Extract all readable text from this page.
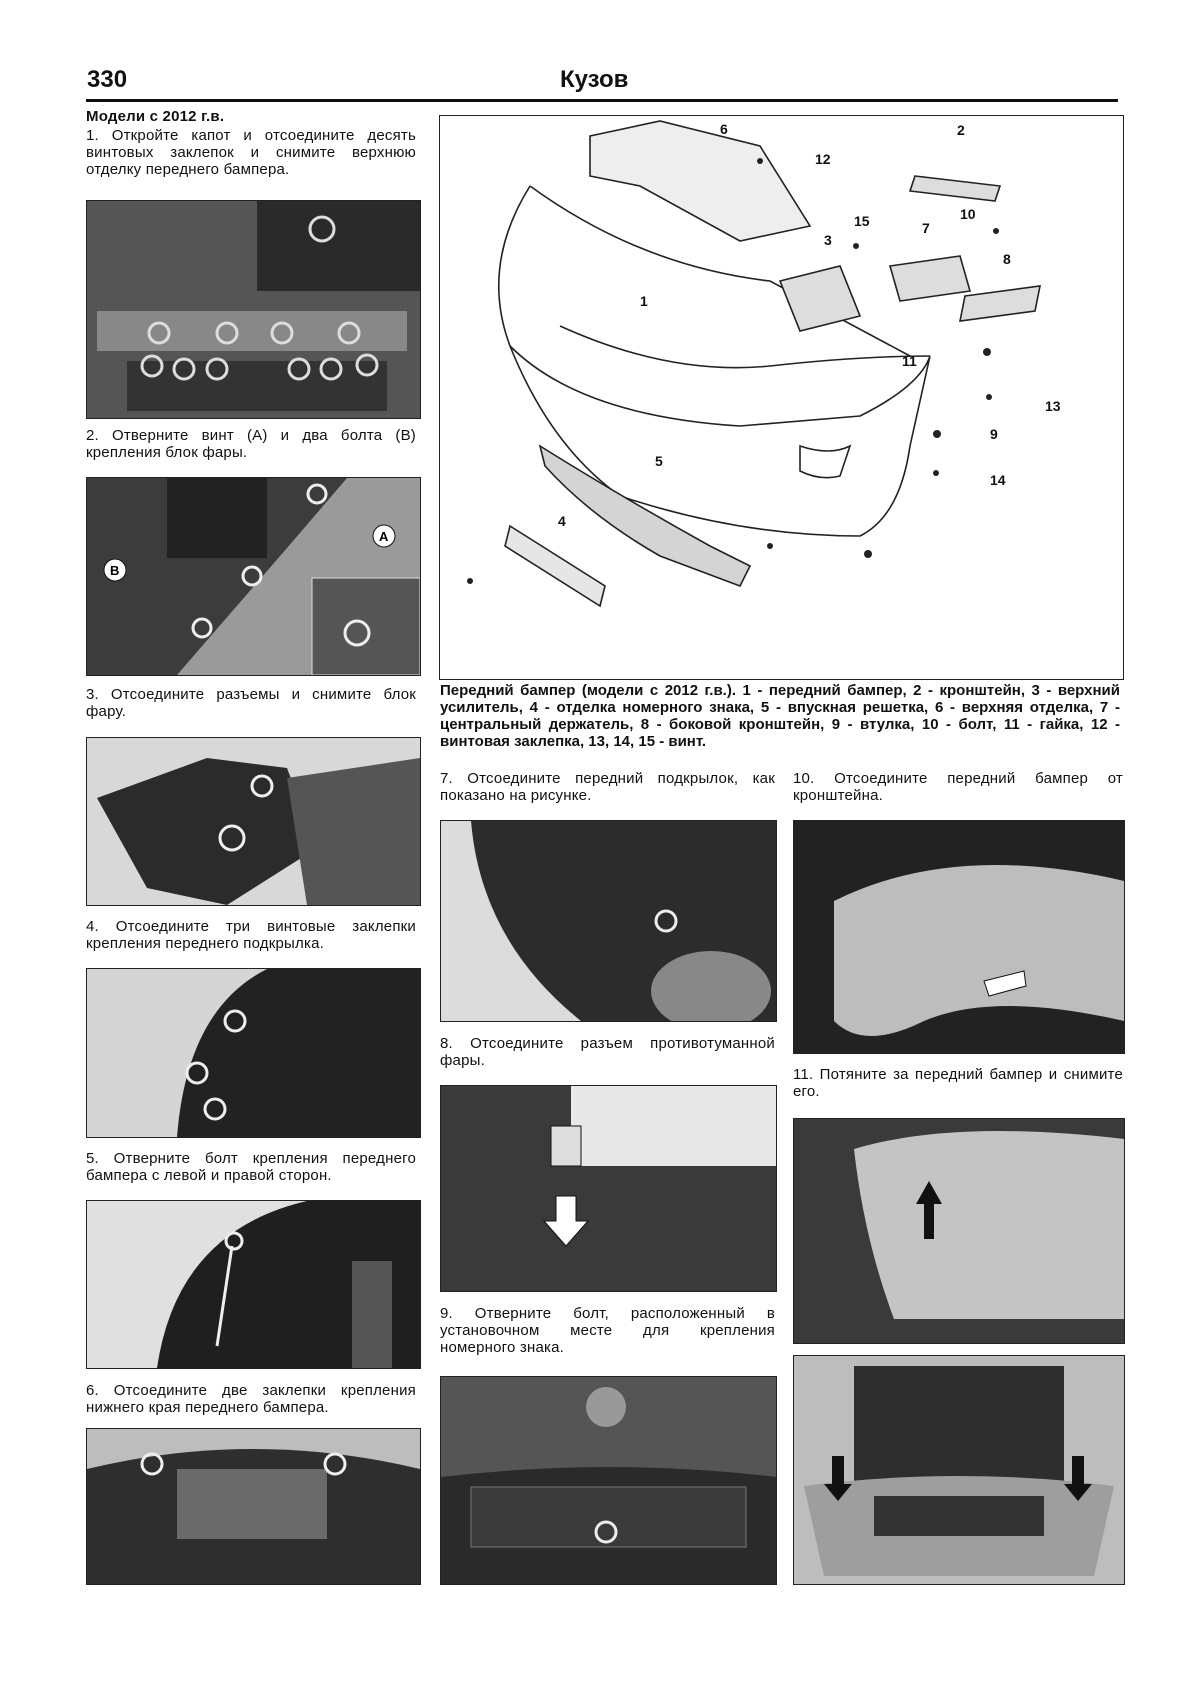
330	Кузов
Модели с 2012 г.в.
1. Откройте капот и отсоедините десять винтовых заклепок и снимите верхнюю отделку переднего бампера.
2. Отверните винт (A) и два болта (B) крепления блок фары.
A
B
3. Отсоедините разъемы и снимите блок фару.
4. Отсоедините три винтовые заклепки крепления переднего подкрылка.
5. Отверните болт крепления переднего бампера с левой и правой сторон.
6. Отсоедините две заклепки крепления нижнего края переднего бампера.
1
2
3
4
5
6
7
8
9
10
11
12
13
14
15
Передний бампер (модели с 2012 г.в.). 1 - передний бампер, 2 - кронштейн, 3 - верхний усилитель, 4 - отделка номерного знака, 5 - впускная решетка, 6 - верхняя отделка, 7 - центральный держатель, 8 - боковой кронштейн, 9 - втулка, 10 - болт, 11 - гайка, 12 - винтовая заклепка, 13, 14, 15 - винт.
7. Отсоедините передний подкрылок, как показано на рисунке.
8. Отсоедините разъем противотуманной фары.
9. Отверните болт, расположенный в установочном месте для крепления номерного знака.
10. Отсоедините передний бампер от кронштейна.
11. Потяните за передний бампер и снимите его.
